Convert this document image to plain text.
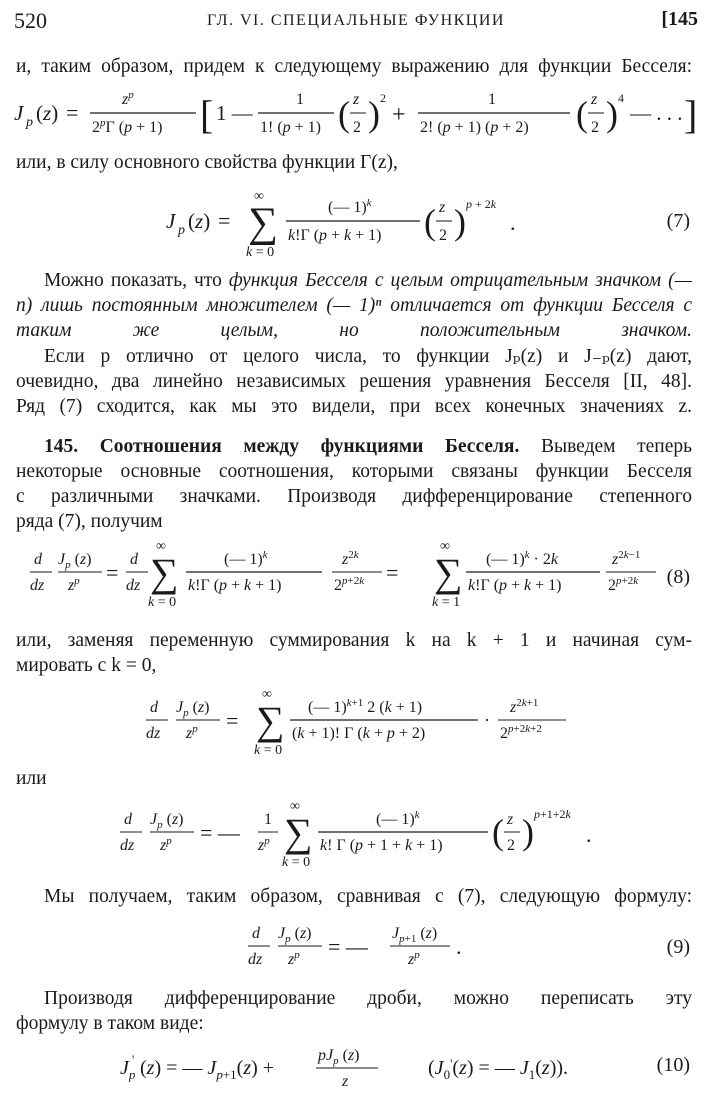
520	ГЛ. VI. СПЕЦИАЛЬНЫЕ ФУНКЦИИ	[145
и, таким образом, придем к следующему выражению для функции Бесселя:
J p (z) =
$z^p$
2$^p$Γ (p + 1) [ 1 —
1
1! (p + 1) ( z
2 ) 2
+
1
2! (p + 1) (p + 2) ( z
2 ) 4
— . . . ]
или, в силу основного свойства функции Γ(z),
J p (z) =
∞
∑
k = 0
(— 1)$^k$
k!Γ (p + k + 1) ( z
2 ) p + 2k
.	(7)
Можно показать, что функция Бесселя с целым отрицательным значком (— n) лишь постоянным множителем (— 1)ⁿ отличается от функции Бесселя с таким же целым, но положительным значком.
Если p отлично от целого числа, то функции Jₚ(z) и J₋ₚ(z) дают,
очевидно, два линейно независимых решения уравнения Бесселя [II, 48].
Ряд (7) сходится, как мы это видели, при всех конечных значениях z.
145. Соотношения между функциями Бесселя. Выведем теперь
некоторые основные соотношения, которыми связаны функции Бесселя
с различными значками. Производя дифференцирование степенного
ряда (7), получим
d
dz
$J_p$ (z)
$z^p$ =
d
dz
∞
∑
k = 0
(— 1)$^k$
k!Γ (p + k + 1)
$z^2k$
$2^{p+2k}$ =
∞
∑
k = 1
(— 1)$^k$ · 2k
k!Γ (p + k + 1)
$z^2k-1$
$2^{p+2k}$ (8)
или, заменяя переменную суммирования k на k + 1 и начиная сум-
мировать с k = 0,
d
dz
$J_p$ (z)
$z^p$ =
∞
∑
k = 0
(— 1)$^k$+1 2 (k + 1)
(k + 1)! Γ (k + p + 2)
·
$z^2k+1$
$2^{p+2k+2}$
или
d
dz
$J_p$ (z)
$z^p$ = —
1
$z^p$
∞
∑
k = 0
(— 1)$^k$
k! Γ (p + 1 + k + 1) ( z
2 ) p+1+2k
.
Мы получаем, таким образом, сравнивая с (7), следующую формулу:
d
dz
$J_p$ (z)
$z^p$ = —
$J_{p+1}$ (z)
$z^p$ .	(9)
Производя дифференцирование дроби, можно переписать эту
формулу в таком виде:
$J_p$
' (z) = — $J_p+1(z)$ +
$pJ_p$ (z)
z
($J_0'(z)$ = — $J_1(z)$).	(10)
